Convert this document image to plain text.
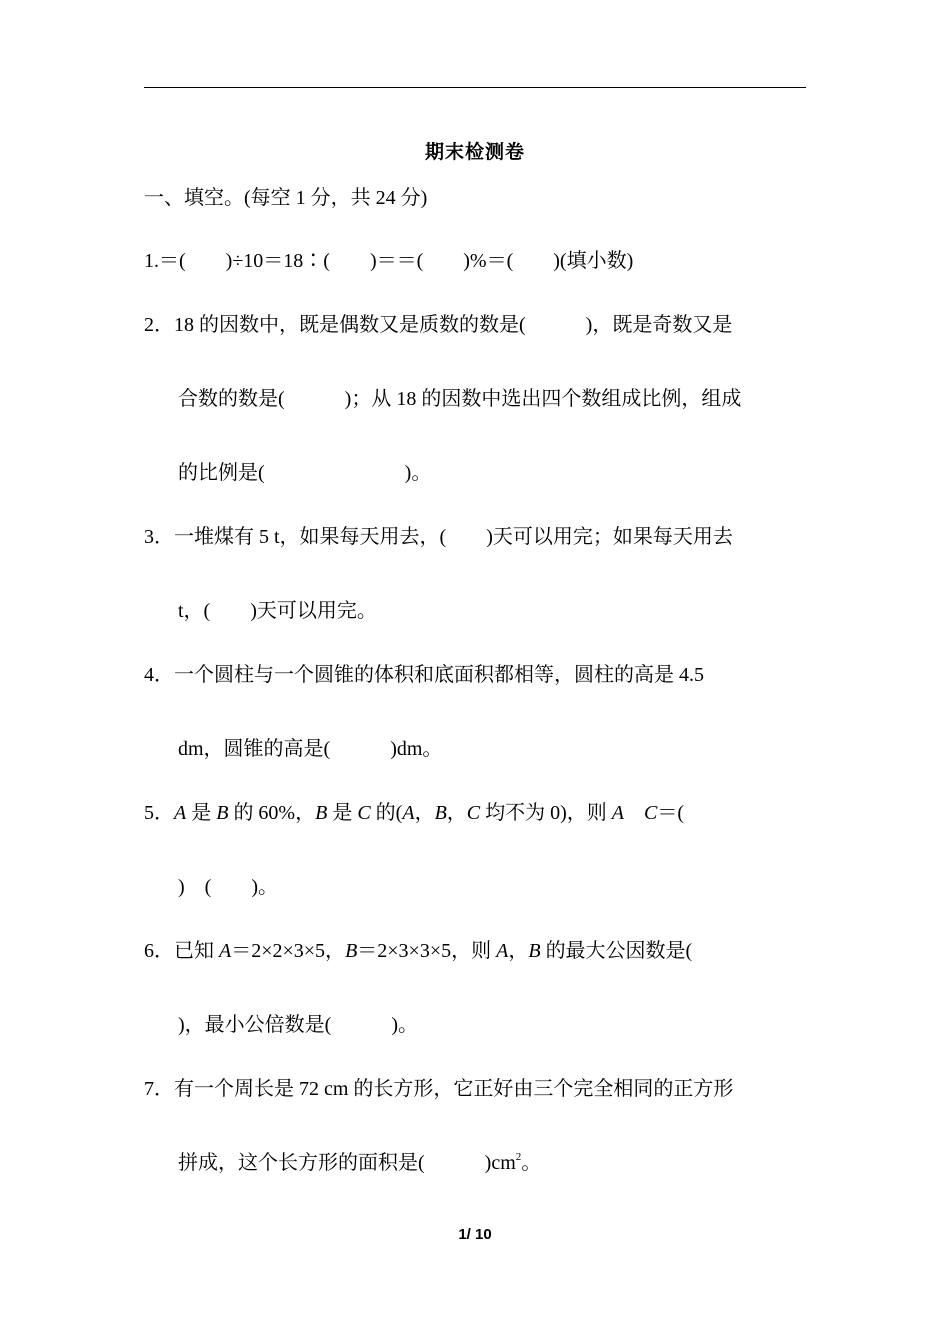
期末检测卷
一、填空。(每空 1 分，共 24 分)
1.＝(　　)÷10＝18∶(　　)＝＝(　　)%＝(　　)(填小数)
2．18 的因数中，既是偶数又是质数的数是(　　　)，既是奇数又是
合数的数是(　　　)；从 18 的因数中选出四个数组成比例，组成
的比例是(　　　　　　　)。
3．一堆煤有 5 t，如果每天用去，(　　)天可以用完；如果每天用去
t，(　　)天可以用完。
4．一个圆柱与一个圆锥的体积和底面积都相等，圆柱的高是 4.5
dm，圆锥的高是(　　　)dm。
5．A 是 B 的 60%，B 是 C 的(A，B，C 均不为 0)，则 A　 C＝(
)　(　　)。
6．已知 A＝2×2×3×5，B＝2×3×3×5，则 A，B 的最大公因数是(
)，最小公倍数是(　　　)。
7．有一个周长是 72 cm 的长方形，它正好由三个完全相同的正方形
拼成，这个长方形的面积是(　　　)$cm^2$。
1/ 10
